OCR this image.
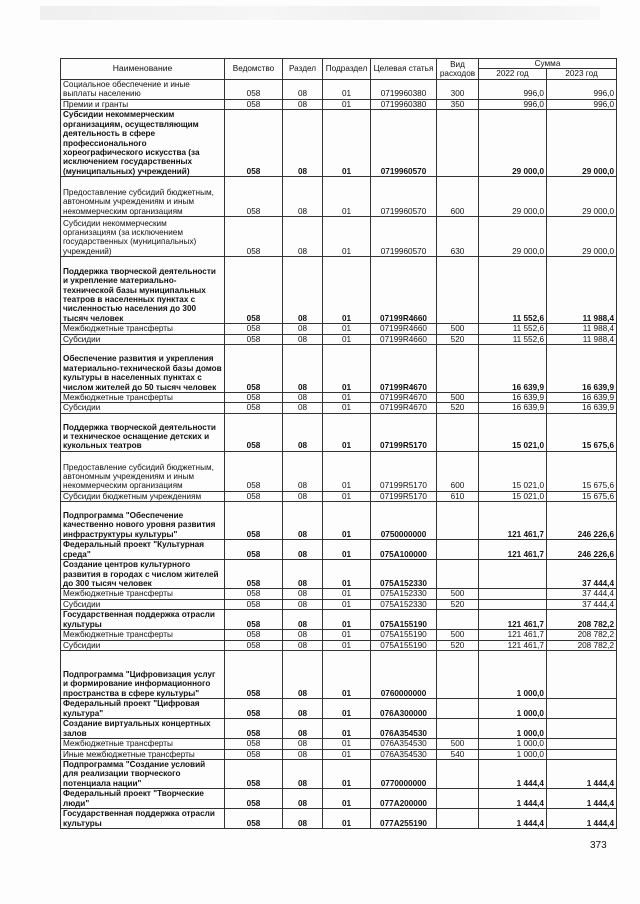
Наименование	Ведомство	Раздел	Подраздел	Целевая статья	Вид расходов	Сумма	
						2022 год	2023 год
Социальное обеспечение и иные выплаты населению	058	08	01	0719960380	300	996,0	996,0
Премии и гранты	058	08	01	0719960380	350	996,0	996,0
Субсидии некоммерческим организациям, осуществляющим деятельность в сфере профессионального хореографического искусства (за исключением государственных (муниципальных) учреждений)	058	08	01	0719960570		29 000,0	29 000,0
Предоставление субсидий бюджетным, автономным учреждениям и иным некоммерческим организациям	058	08	01	0719960570	600	29 000,0	29 000,0
Субсидии некоммерческим организациям (за исключением государственных (муниципальных) учреждений)	058	08	01	0719960570	630	29 000,0	29 000,0
Поддержка творческой деятельности и укрепление материально-технической базы муниципальных театров в населенных пунктах с численностью населения до 300 тысяч человек	058	08	01	07199R4660		11 552,6	11 988,4
Межбюджетные трансферты	058	08	01	07199R4660	500	11 552,6	11 988,4
Субсидии	058	08	01	07199R4660	520	11 552,6	11 988,4
Обеспечение развития и укрепления материально-технической базы домов культуры в населенных пунктах с числом жителей до 50 тысяч человек	058	08	01	07199R4670		16 639,9	16 639,9
Межбюджетные трансферты	058	08	01	07199R4670	500	16 639,9	16 639,9
Субсидии	058	08	01	07199R4670	520	16 639,9	16 639,9
Поддержка творческой деятельности и техническое оснащение детских и кукольных театров	058	08	01	07199R5170		15 021,0	15 675,6
Предоставление субсидий бюджетным, автономным учреждениям и иным некоммерческим организациям	058	08	01	07199R5170	600	15 021,0	15 675,6
Субсидии бюджетным учреждениям	058	08	01	07199R5170	610	15 021,0	15 675,6
Подпрограмма "Обеспечение качественно нового уровня развития инфраструктуры культуры"	058	08	01	0750000000		121 461,7	246 226,6
Федеральный проект "Культурная среда"	058	08	01	075A100000		121 461,7	246 226,6
Создание центров культурного развития в городах с числом жителей до 300 тысяч человек	058	08	01	075A152330			37 444,4
Межбюджетные трансферты	058	08	01	075A152330	500		37 444,4
Субсидии	058	08	01	075A152330	520		37 444,4
Государственная поддержка отрасли культуры	058	08	01	075A155190		121 461,7	208 782,2
Межбюджетные трансферты	058	08	01	075A155190	500	121 461,7	208 782,2
Субсидии	058	08	01	075A155190	520	121 461,7	208 782,2
Подпрограмма "Цифровизация услуг и формирование информационного пространства в сфере культуры"	058	08	01	0760000000		1 000,0	
Федеральный проект "Цифровая культура"	058	08	01	076A300000		1 000,0	
Создание виртуальных концертных залов	058	08	01	076A354530		1 000,0	
Межбюджетные трансферты	058	08	01	076A354530	500	1 000,0	
Иные межбюджетные трансферты	058	08	01	076A354530	540	1 000,0	
Подпрограмма "Создание условий для реализации творческого потенциала нации"	058	08	01	0770000000		1 444,4	1 444,4
Федеральный проект "Творческие люди"	058	08	01	077A200000		1 444,4	1 444,4
Государственная поддержка отрасли культуры	058	08	01	077A255190		1 444,4	1 444,4
373
